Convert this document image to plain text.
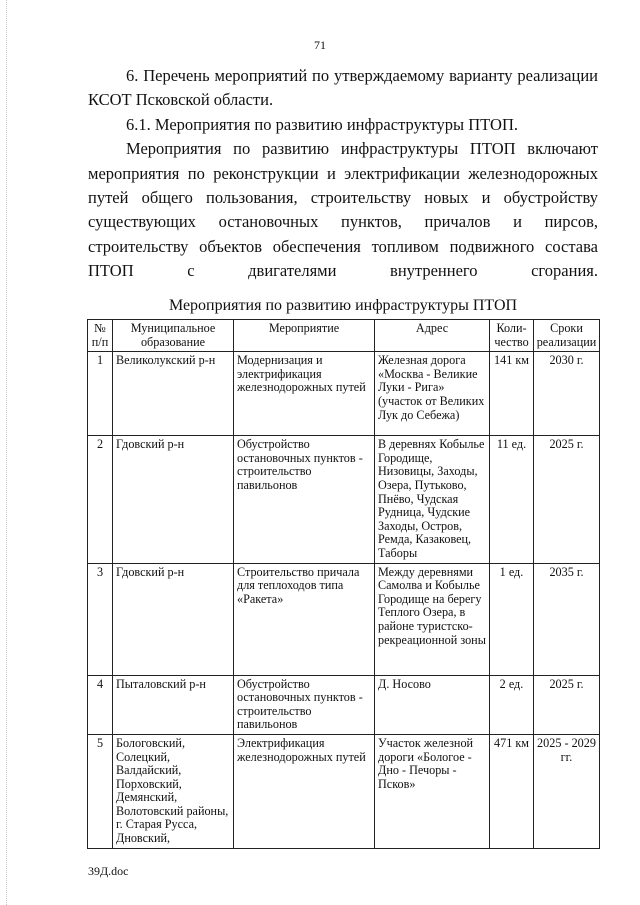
71

6. Перечень мероприятий по утверждаемому варианту реализации КСОТ Псковской области.

6.1. Мероприятия по развитию инфраструктуры ПТОП.

Мероприятия по развитию инфраструктуры ПТОП включают мероприятия по реконструкции и электрификации железнодорожных путей общего пользования, строительству новых и обустройству существующих остановочных пунктов, причалов и пирсов, строительству объектов обеспечения топливом подвижного состава ПТОП с двигателями внутреннего сгорания.

Мероприятия по развитию инфраструктуры ПТОП
№ п/п	Муниципальное образование	Мероприятие	Адрес	Коли-чество	Сроки реализации
1	Великолукский р-н	Модернизация и электрификация железнодорожных путей	Железная дорога «Москва - Великие Луки - Рига» (участок от Великих Лук до Себежа)	141 км	2030 г.
2	Гдовский р-н	Обустройство остановочных пунктов - строительство павильонов	В деревнях Кобылье Городище, Низовицы, Заходы, Озера, Путьково, Пнёво, Чудская Рудница, Чудские Заходы, Остров, Ремда, Казаковец, Таборы	11 ед.	2025 г.
3	Гдовский р-н	Строительство причала для теплоходов типа «Ракета»	Между деревнями Самолва и Кобылье Городище на берегу Теплого Озера, в районе туристско-рекреационной зоны	1 ед.	2035 г.
4	Пыталовский р-н	Обустройство остановочных пунктов - строительство павильонов	Д. Носово	2 ед.	2025 г.
5	Бологовский, Солецкий, Валдайский, Порховский, Демянский, Волотовский районы, г. Старая Русса, Дновский,	Электрификация железнодорожных путей	Участок железной дороги «Бологое - Дно - Печоры - Псков»	471 км	2025 - 2029 гг.
39Д.doc
